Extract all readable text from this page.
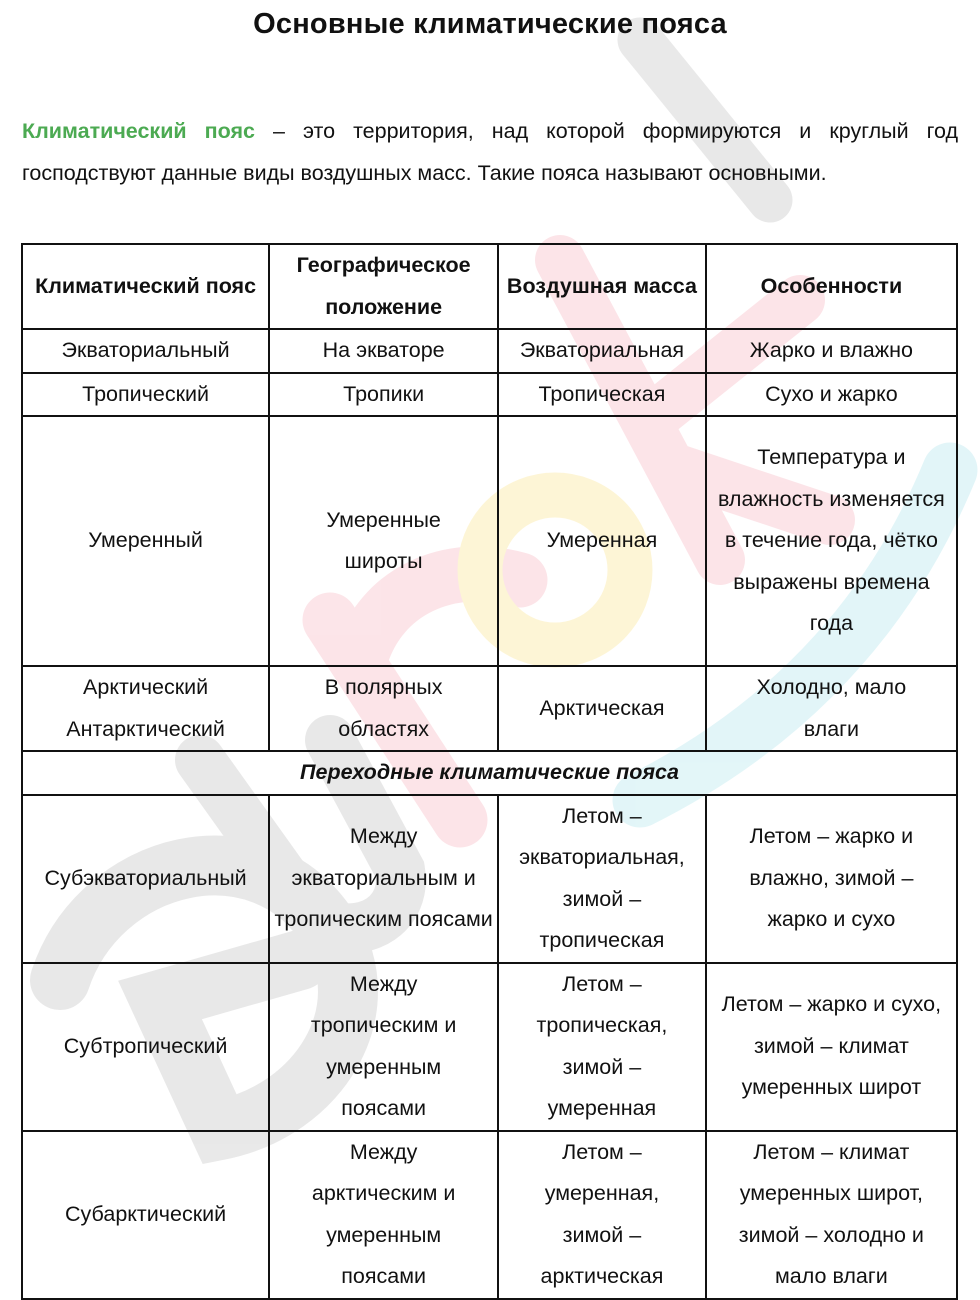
Основные климатические пояса

Климатический пояс – это территория, над которой формируются и круглый год господствуют данные виды воздушных масс. Такие пояса называют основными.

Климатический пояс	Географическое положение	Воздушная масса	Особенности
Экваториальный	На экваторе	Экваториальная	Жарко и влажно
Тропический	Тропики	Тропическая	Сухо и жарко
Умеренный	Умеренные широты	Умеренная	Температура и влажность изменяется в течение года, чётко выражены времена года
Арктический Антарктический	В полярных областях	Арктическая	Холодно, мало влаги
Переходные климатические пояса			
Субэкваториальный	Между экваториальным и тропическим поясами	Летом – экваториальная, зимой – тропическая	Летом – жарко и влажно, зимой – жарко и сухо
Субтропический	Между тропическим и умеренным поясами	Летом – тропическая, зимой – умеренная	Летом – жарко и сухо, зимой – климат умеренных широт
Субарктический	Между арктическим и умеренным поясами	Летом – умеренная, зимой – арктическая	Летом – климат умеренных широт, зимой – холодно и мало влаги
